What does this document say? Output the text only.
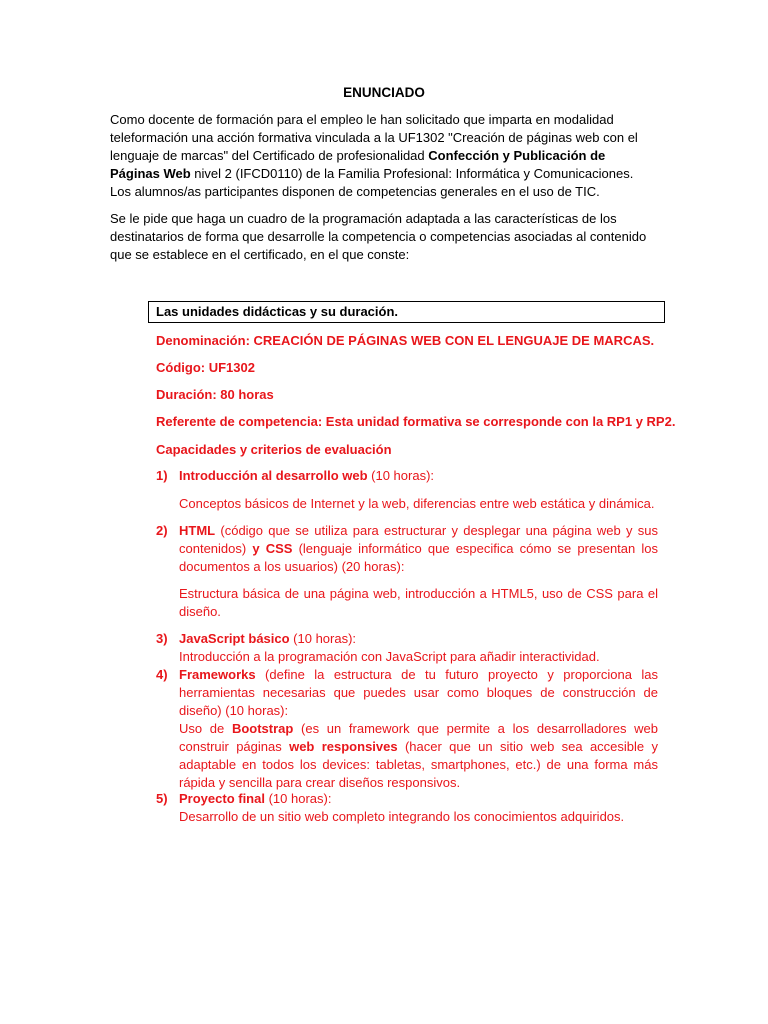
ENUNCIADO

Como docente de formación para el empleo le han solicitado que imparta en modalidad teleformación una acción formativa vinculada a la UF1302 "Creación de páginas web con el lenguaje de marcas" del Certificado de profesionalidad Confección y Publicación de Páginas Web nivel 2 (IFCD0110) de la Familia Profesional: Informática y Comunicaciones. Los alumnos/as participantes disponen de competencias generales en el uso de TIC.

Se le pide que haga un cuadro de la programación adaptada a las características de los destinatarios de forma que desarrolle la competencia o competencias asociadas al contenido que se establece en el certificado, en el que conste:

Las unidades didácticas y su duración.
Denominación: CREACIÓN DE PÁGINAS WEB CON EL LENGUAJE DE MARCAS.
Código: UF1302
Duración: 80 horas
Referente de competencia: Esta unidad formativa se corresponde con la RP1 y RP2.
Capacidades y criterios de evaluación
1) Introducción al desarrollo web (10 horas):
Conceptos básicos de Internet y la web, diferencias entre web estática y dinámica.
2) HTML (código que se utiliza para estructurar y desplegar una página web y sus contenidos) y CSS (lenguaje informático que especifica cómo se presentan los documentos a los usuarios) (20 horas):
Estructura básica de una página web, introducción a HTML5, uso de CSS para el diseño.
3) JavaScript básico (10 horas):
Introducción a la programación con JavaScript para añadir interactividad.
4) Frameworks (define la estructura de tu futuro proyecto y proporciona las herramientas necesarias que puedes usar como bloques de construcción de diseño) (10 horas):
Uso de Bootstrap (es un framework que permite a los desarrolladores web construir páginas web responsives (hacer que un sitio web sea accesible y adaptable en todos los devices: tabletas, smartphones, etc.) de una forma más rápida y sencilla para crear diseños responsivos.
5) Proyecto final (10 horas):
Desarrollo de un sitio web completo integrando los conocimientos adquiridos.
